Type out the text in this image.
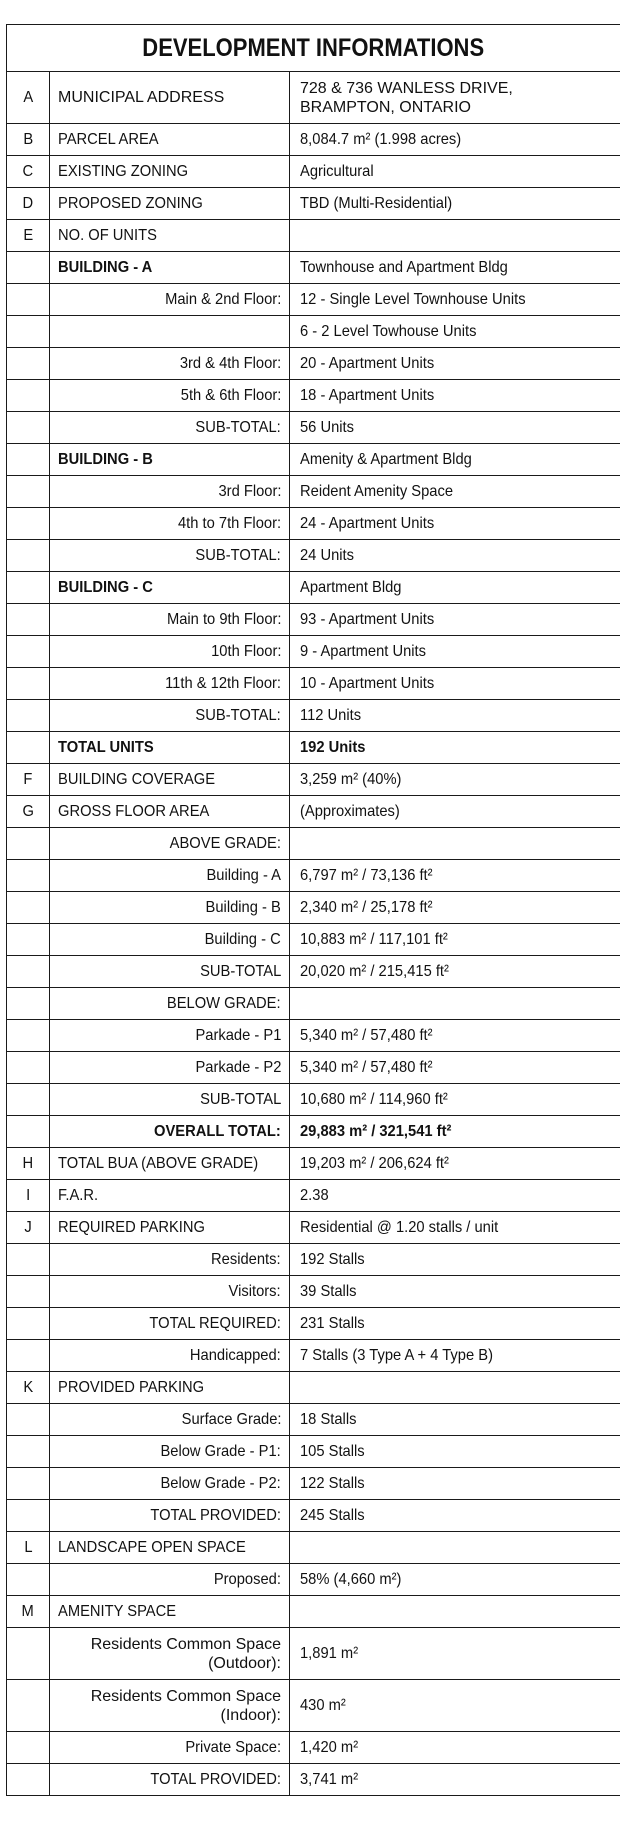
DEVELOPMENT INFORMATIONS		
A	MUNICIPAL ADDRESS	728 & 736 WANLESS DRIVE, BRAMPTON, ONTARIO
B	PARCEL AREA	8,084.7 m² (1.998 acres)
C	EXISTING ZONING	Agricultural
D	PROPOSED ZONING	TBD (Multi-Residential)
E	NO. OF UNITS	
	BUILDING - A	Townhouse and Apartment Bldg
	Main & 2nd Floor:	12 - Single Level Townhouse Units
		6 - 2 Level Towhouse Units
	3rd & 4th Floor:	20 - Apartment Units
	5th & 6th Floor:	18 - Apartment Units
	SUB-TOTAL:	56 Units
	BUILDING - B	Amenity & Apartment Bldg
	3rd Floor:	Reident Amenity Space
	4th to 7th Floor:	24 - Apartment Units
	SUB-TOTAL:	24 Units
	BUILDING - C	Apartment Bldg
	Main to 9th Floor:	93 - Apartment Units
	10th Floor:	9 - Apartment Units
	11th & 12th Floor:	10 - Apartment Units
	SUB-TOTAL:	112 Units
	TOTAL UNITS	192 Units
F	BUILDING COVERAGE	3,259 m² (40%)
G	GROSS FLOOR AREA	(Approximates)
	ABOVE GRADE:	
	Building - A	6,797 m² / 73,136 ft²
	Building - B	2,340 m² / 25,178 ft²
	Building - C	10,883 m² / 117,101 ft²
	SUB-TOTAL	20,020 m² / 215,415 ft²
	BELOW GRADE:	
	Parkade - P1	5,340 m² / 57,480 ft²
	Parkade - P2	5,340 m² / 57,480 ft²
	SUB-TOTAL	10,680 m² / 114,960 ft²
	OVERALL TOTAL:	29,883 m² / 321,541 ft²
H	TOTAL BUA (ABOVE GRADE)	19,203 m² / 206,624 ft²
I	F.A.R.	2.38
J	REQUIRED PARKING	Residential @ 1.20 stalls / unit
	Residents:	192 Stalls
	Visitors:	39 Stalls
	TOTAL REQUIRED:	231 Stalls
	Handicapped:	7 Stalls (3 Type A + 4 Type B)
K	PROVIDED PARKING	
	Surface Grade:	18 Stalls
	Below Grade - P1:	105 Stalls
	Below Grade - P2:	122 Stalls
	TOTAL PROVIDED:	245 Stalls
L	LANDSCAPE OPEN SPACE	
	Proposed:	58% (4,660 m²)
M	AMENITY SPACE	
	Residents Common Space (Outdoor):	1,891 m²
	Residents Common Space (Indoor):	430 m²
	Private Space:	1,420 m²
	TOTAL PROVIDED:	3,741 m²
